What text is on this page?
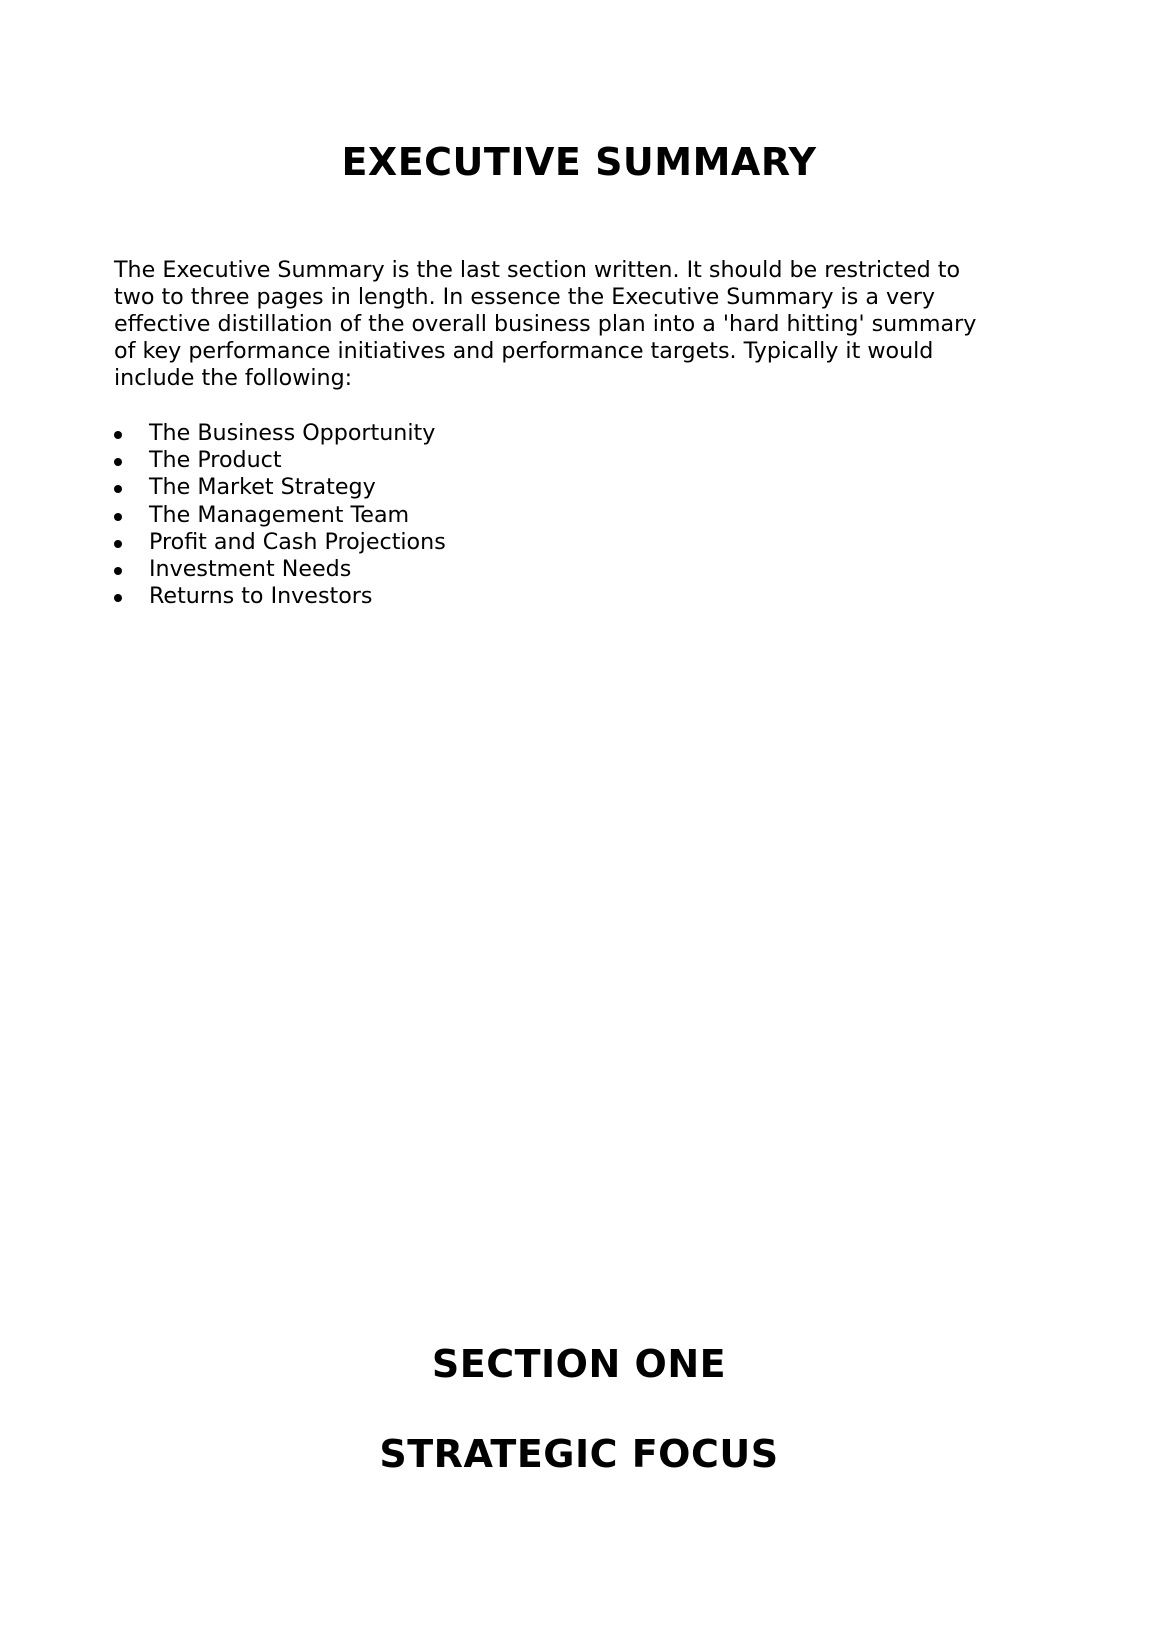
EXECUTIVE SUMMARY

The Executive Summary is the last section written. It should be restricted to
two to three pages in length. In essence the Executive Summary is a very
effective distillation of the overall business plan into a 'hard hitting' summary
of key performance initiatives and performance targets. Typically it would
include the following:

The Business Opportunity
The Product
The Market Strategy
The Management Team
Profit and Cash Projections
Investment Needs
Returns to Investors
SECTION ONE
STRATEGIC FOCUS
